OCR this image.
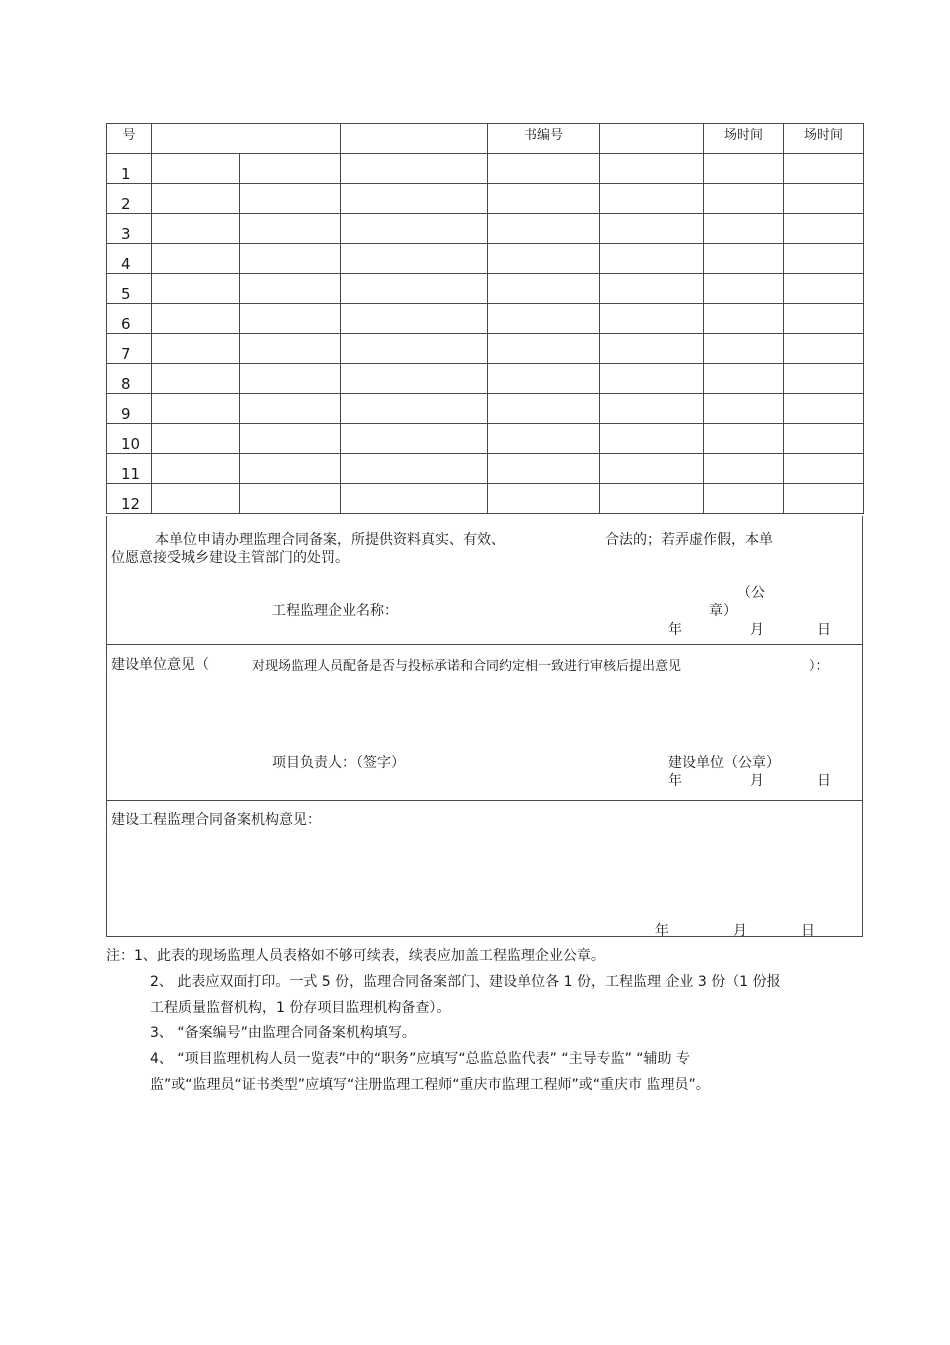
号				书编号		场时间	场时间
1							
2							
3							
4							
5							
6							
7							
8							
9							
10							
11							
12							
本单位申请办理监理合同备案，所提供资料真实、有效、	合法的；若弄虚作假，本单
位愿意接受城乡建设主管部门的处罚。
工程监理企业名称：
（公
章）
年	月	日
建设单位意见（	对现场监理人员配备是否与投标承诺和合同约定相一致进行审核后提出意见	）：
项目负责人：（签字）	建设单位（公章）
年	月	日
建设工程监理合同备案机构意见：
年	月	日
注：1、此表的现场监理人员表格如不够可续表，续表应加盖工程监理企业公章。
2、 此表应双面打印。一式 5 份，监理合同备案部门、建设单位各 1 份，工程监理 企业 3 份（1 份报
工程质量监督机构，1 份存项目监理机构备查）。
3、 “备案编号”由监理合同备案机构填写。
4、 “项目监理机构人员一览表”中的“职务”应填写“总监总监代表” “主导专监” “辅助 专
监”或“监理员“证书类型”应填写“注册监理工程师“重庆市监理工程师”或“重庆市 监理员”。
